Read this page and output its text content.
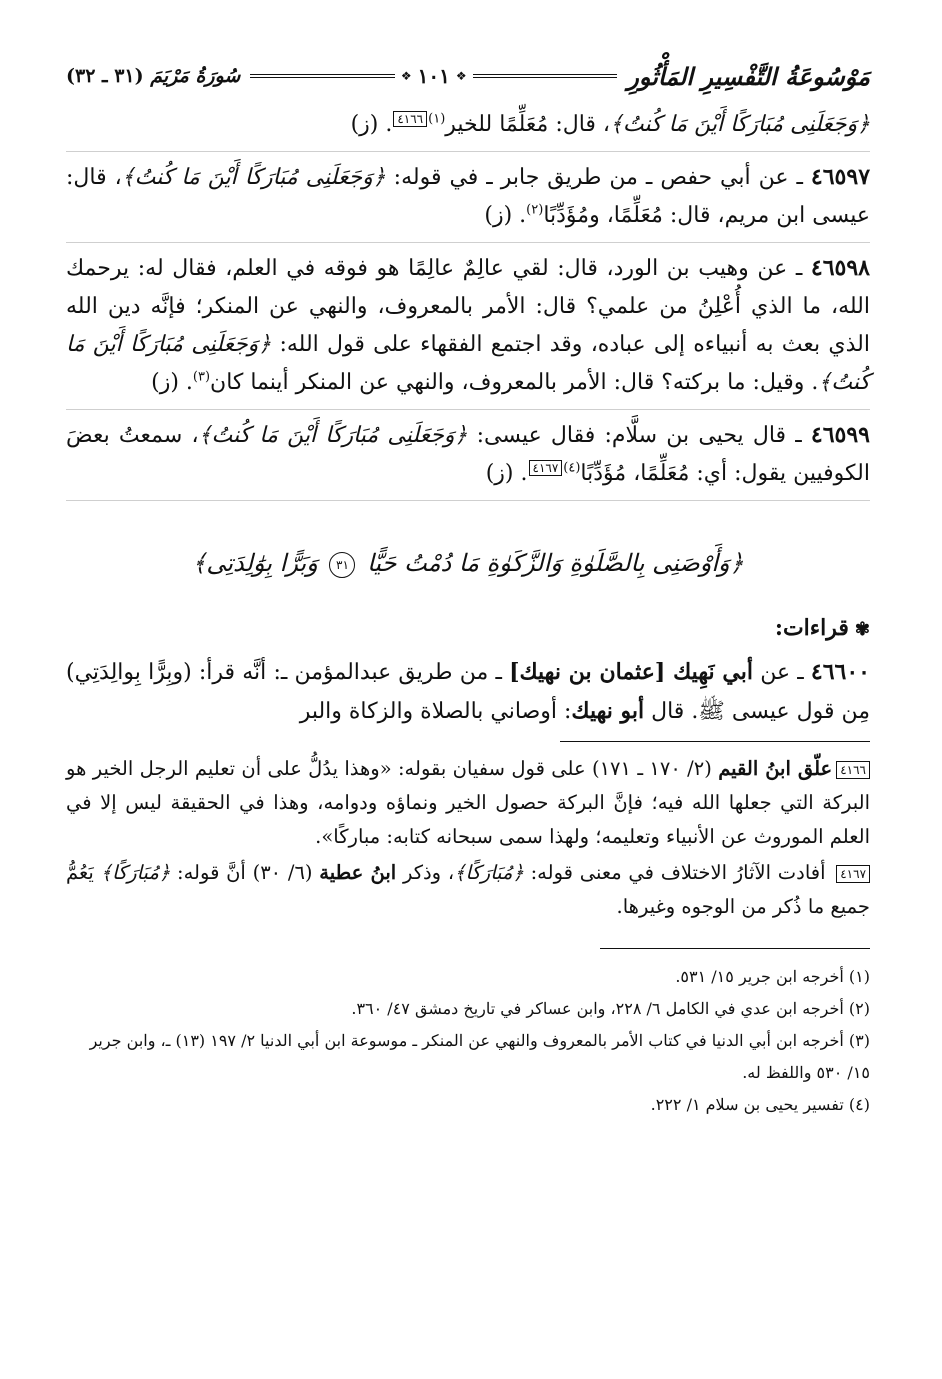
مَوْسُوعَةُ التَّفْسِيرِ المَأْثُورِ
❖
١٠١
❖
سُورَةُ مَرْيَمَ (٣١ ـ ٣٢)

﴿وَجَعَلَنِى مُبَارَكًا أَيْنَ مَا كُنتُ﴾، قال: مُعَلِّمًا للخير$^{(١)}$٤١٦٦. (ز)

٤٦٥٩٧ ـ عن أبي حفص ـ من طريق جابر ـ في قوله: ﴿وَجَعَلَنِى مُبَارَكًا أَيْنَ مَا كُنتُ﴾، قال: عيسى ابن مريم، قال: مُعَلِّمًا، ومُؤَدِّبًا$^{(٢)}$. (ز)

٤٦٥٩٨ ـ عن وهيب بن الورد، قال: لقي عالِمٌ عالِمًا هو فوقه في العلم، فقال له: يرحمك الله، ما الذي أُعْلِنُ من علمي؟ قال: الأمر بالمعروف، والنهي عن المنكر؛ فإنَّه دين الله الذي بعث به أنبياءه إلى عباده، وقد اجتمع الفقهاء على قول الله: ﴿وَجَعَلَنِى مُبَارَكًا أَيْنَ مَا كُنتُ﴾. وقيل: ما بركته؟ قال: الأمر بالمعروف، والنهي عن المنكر أينما كان$^{(٣)}$. (ز)

٤٦٥٩٩ ـ قال يحيى بن سلَّام: فقال عيسى: ﴿وَجَعَلَنِى مُبَارَكًا أَيْنَ مَا كُنتُ﴾، سمعتُ بعضَ الكوفيين يقول: أي: مُعَلِّمًا، مُؤَدِّبًا$^{(٤)}$٤١٦٧. (ز)

﴿وَأَوْصَنِى بِالصَّلَوٰةِ وَالزَّكَوٰةِ مَا دُمْتُ حَيًّا ٣١ وَبَرًّا بِوَٰلِدَتِى﴾
✾قراءات:

٤٦٦٠٠ ـ عن أبي نَهِيك [عثمان بن نهيك] ـ من طريق عبدالمؤمن ـ: أنَّه قرأ: (وبِرًّا بِوالِدَتِي) مِن قول عيسى ﷺ. قال أبو نهيك: أوصاني بالصلاة والزكاة والبر

٤١٦٦علّق ابنُ القيم (٢/ ١٧٠ ـ ١٧١) على قول سفيان بقوله: «وهذا يدُلُّ على أن تعليم الرجل الخير هو البركة التي جعلها الله فيه؛ فإنَّ البركة حصول الخير ونماؤه ودوامه، وهذا في الحقيقة ليس إلا في العلم الموروث عن الأنبياء وتعليمه؛ ولهذا سمى سبحانه كتابه: مباركًا».

٤١٦٧ أفادت الآثارُ الاختلاف في معنى قوله: ﴿مُبَارَكًا﴾، وذكر ابنُ عطية (٦/ ٣٠) أنَّ قوله: ﴿مُبَارَكًا﴾ يَعُمُّ جميع ما ذُكر من الوجوه وغيرها.

(١) أخرجه ابن جرير ١٥/ ٥٣١.

(٢) أخرجه ابن عدي في الكامل ٦/ ٢٢٨، وابن عساكر في تاريخ دمشق ٤٧/ ٣٦٠.

(٣) أخرجه ابن أبي الدنيا في كتاب الأمر بالمعروف والنهي عن المنكر ـ موسوعة ابن أبي الدنيا ٢/ ١٩٧ (١٣) ـ، وابن جرير ١٥/ ٥٣٠ واللفظ له.

(٤) تفسير يحيى بن سلام ١/ ٢٢٢.
